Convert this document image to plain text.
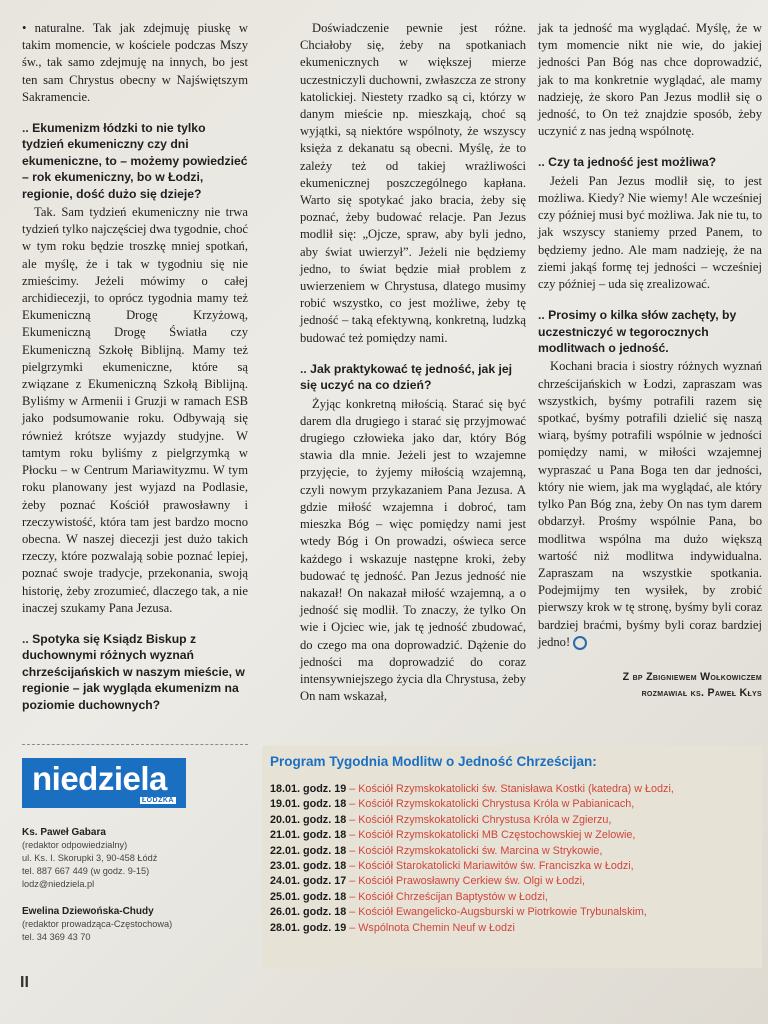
• naturalne. Tak jak zdejmuję piuskę w takim momencie, w kościele podczas Mszy św., tak samo zdejmuję na innych, bo jest ten sam Chrystus obecny w Najświętszym Sakramencie.

.. Ekumenizm łódzki to nie tylko tydzień ekumeniczny czy dni ekumeniczne, to – możemy powiedzieć – rok ekumeniczny, bo w Łodzi, regionie, dość dużo się dzieje?

Tak. Sam tydzień ekumeniczny nie trwa tydzień tylko najczęściej dwa tygodnie, choć w tym roku będzie troszkę mniej spotkań, ale myślę, że i tak w tygodniu się nie zmieścimy. Jeżeli mówimy o całej archidiecezji, to oprócz tygodnia mamy też Ekumeniczną Drogę Krzyżową, Ekumeniczną Drogę Światła czy Ekumeniczną Szkołę Biblijną. Mamy też pielgrzymki ekumeniczne, które są związane z Ekumeniczną Szkołą Biblijną. Byliśmy w Armenii i Gruzji w ramach ESB jako podsumowanie roku. Odbywają się również krótsze wyjazdy studyjne. W tamtym roku byliśmy z pielgrzymką w Płocku – w Centrum Mariawityzmu. W tym roku planowany jest wyjazd na Podlasie, żeby poznać Kościół prawosławny i rzeczywistość, która tam jest bardzo mocno obecna. W naszej diecezji jest dużo takich rzeczy, które pozwalają sobie poznać lepiej, poznać swoje tradycje, przekonania, swoją historię, żeby zrozumieć, dlaczego tak, a nie inaczej szukamy Pana Jezusa.

.. Spotyka się Ksiądz Biskup z duchownymi różnych wyznań chrześcijańskich w naszym mieście, w regionie – jak wygląda ekumenizm na poziomie duchownych?

Doświadczenie pewnie jest różne. Chciałoby się, żeby na spotkaniach ekumenicznych w większej mierze uczestniczyli duchowni, zwłaszcza ze strony katolickiej. Niestety rzadko są ci, którzy w danym mieście np. mieszkają, choć są wyjątki, są niektóre wspólnoty, że wszyscy księża z dekanatu są obecni. Myślę, że to zależy też od takiej wrażliwości ekumenicznej poszczególnego kapłana. Warto się spotykać jako bracia, żeby się poznać, żeby budować relacje. Pan Jezus modlił się: „Ojcze, spraw, aby byli jedno, aby świat uwierzył”. Jeżeli nie będziemy jedno, to świat będzie miał problem z uwierzeniem w Chrystusa, dlatego musimy robić wszystko, co jest możliwe, żeby tę jedność – taką efektywną, konkretną, ludzką budować też pomiędzy nami.

.. Jak praktykować tę jedność, jak jej się uczyć na co dzień?

Żyjąc konkretną miłością. Starać się być darem dla drugiego i starać się przyjmować drugiego człowieka jako dar, który Bóg stawia dla mnie. Jeżeli jest to wzajemne przyjęcie, to żyjemy miłością wzajemną, czyli nowym przykazaniem Pana Jezusa. A gdzie miłość wzajemna i dobroć, tam mieszka Bóg – więc pomiędzy nami jest wtedy Bóg i On prowadzi, oświeca serce każdego i wskazuje następne kroki, żeby budować tę jedność. Pan Jezus jedność nie nakazał! On nakazał miłość wzajemną, a o jedność się modlił. To znaczy, że tylko On wie i Ojciec wie, jak tę jedność zbudować, do czego ma ona doprowadzić. Dążenie do jedności ma doprowadzić do coraz intensywniejszego życia dla Chrystusa, żeby On nam wskazał,

jak ta jedność ma wyglądać. Myślę, że w tym momencie nikt nie wie, do jakiej jedności Pan Bóg nas chce doprowadzić, jak to ma konkretnie wyglądać, ale mamy nadzieję, że skoro Pan Jezus modlił się o jedność, to On też znajdzie sposób, żeby uczynić z nas jedną wspólnotę.

.. Czy ta jedność jest możliwa?

Jeżeli Pan Jezus modlił się, to jest możliwa. Kiedy? Nie wiemy! Ale wcześniej czy później musi być możliwa. Jak nie tu, to jak wszyscy staniemy przed Panem, to będziemy jedno. Ale mam nadzieję, że na ziemi jakąś formę tej jedności – wcześniej czy później – uda się zrealizować.

.. Prosimy o kilka słów zachęty, by uczestniczyć w tegorocznych modlitwach o jedność.

Kochani bracia i siostry różnych wyznań chrześcijańskich w Łodzi, zapraszam was wszystkich, byśmy potrafili razem się spotkać, byśmy potrafili dzielić się naszą wiarą, byśmy potrafili wspólnie w jedności pomiędzy nami, w miłości wzajemnej wypraszać u Pana Boga ten dar jedności, który nie wiem, jak ma wyglądać, ale który tylko Pan Bóg zna, żeby On nas tym darem obdarzył. Prośmy wspólnie Pana, bo modlitwa wspólna ma dużo większą wartość niż modlitwa indywidualna. Zapraszam na wszystkie spotkania. Podejmijmy ten wysiłek, by zrobić pierwszy krok w tę stronę, byśmy byli coraz bardziej braćmi, byśmy byli coraz bardziej jedno!

Z bp Zbigniewem Wołkowiczem
rozmawiał ks. Paweł Kłys
niedziela
ŁÓDZKA
Ks. Paweł Gabara
(redaktor odpowiedzialny)
ul. Ks. I. Skorupki 3, 90-458 Łódź
tel. 887 667 449 (w godz. 9-15)
lodz@niedziela.pl
Ewelina Dziewońska-Chudy
(redaktor prowadząca-Częstochowa)
tel. 34 369 43 70
Program Tygodnia Modlitw o Jedność Chrześcijan:
18.01. godz. 19 – Kościół Rzymskokatolicki św. Stanisława Kostki (katedra) w Łodzi,
19.01. godz. 18 – Kościół Rzymskokatolicki Chrystusa Króla w Pabianicach,
20.01. godz. 18 – Kościół Rzymskokatolicki Chrystusa Króla w Zgierzu,
21.01. godz. 18 – Kościół Rzymskokatolicki MB Częstochowskiej w Zelowie,
22.01. godz. 18 – Kościół Rzymskokatolicki św. Marcina w Strykowie,
23.01. godz. 18 – Kościół Starokatolicki Mariawitów św. Franciszka w Łodzi,
24.01. godz. 17 – Kościół Prawosławny Cerkiew św. Olgi w Łodzi,
25.01. godz. 18 – Kościół Chrześcijan Baptystów w Łodzi,
26.01. godz. 18 – Kościół Ewangelicko-Augsburski w Piotrkowie Trybunalskim,
28.01. godz. 19 – Wspólnota Chemin Neuf w Łodzi
II
